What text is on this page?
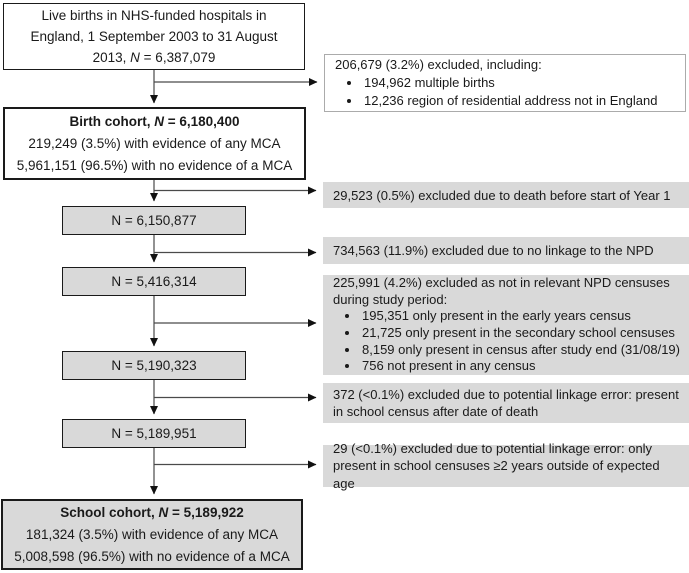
Live births in NHS-funded hospitals in
England, 1 September 2003 to 31 August
2013, N = 6,387,079
Birth cohort, N = 6,180,400
219,249 (3.5%) with evidence of any MCA
5,961,151 (96.5%) with no evidence of a MCA
N = 6,150,877
N = 5,416,314
N = 5,190,323
N = 5,189,951
School cohort, N = 5,189,922
181,324 (3.5%) with evidence of any MCA
5,008,598 (96.5%) with no evidence of a MCA
206,679 (3.2%) excluded, including:
• 194,962 multiple births
• 12,236 region of residential address not in England
29,523 (0.5%) excluded due to death before start of Year 1
734,563 (11.9%) excluded due to no linkage to the NPD
225,991 (4.2%) excluded as not in relevant NPD censuses during study period:
• 195,351 only present in the early years census
• 21,725 only present in the secondary school censuses
• 8,159 only present in census after study end (31/08/19)
• 756 not present in any census
372 (<0.1%) excluded due to potential linkage error: present in school census after date of death
29 (<0.1%) excluded due to potential linkage error: only present in school censuses ≥2 years outside of expected age
